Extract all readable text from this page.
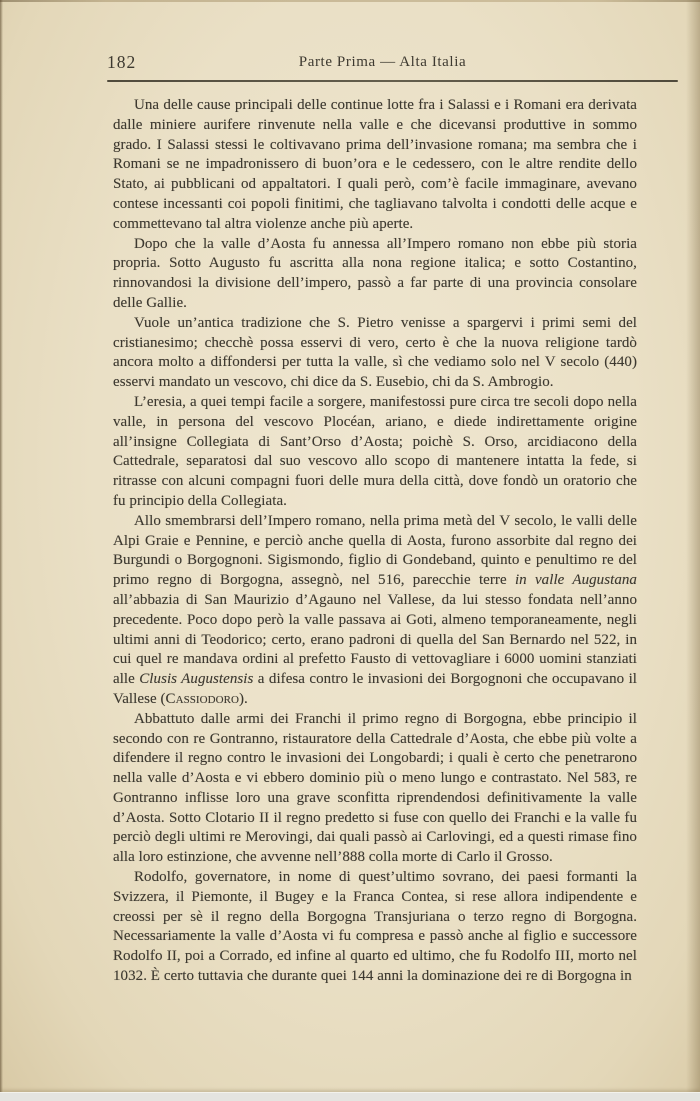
182	Parte Prima — Alta Italia

Una delle cause principali delle continue lotte fra i Salassi e i Romani era derivata dalle miniere aurifere rinvenute nella valle e che dicevansi produttive in sommo grado. I Salassi stessi le coltivavano prima dell’invasione romana; ma sembra che i Romani se ne impadronissero di buon’ora e le cedessero, con le altre rendite dello Stato, ai pubblicani od appaltatori. I quali però, com’è facile immaginare, avevano contese incessanti coi popoli finitimi, che tagliavano talvolta i condotti delle acque e commettevano tal altra violenze anche più aperte.

Dopo che la valle d’Aosta fu annessa all’Impero romano non ebbe più storia propria. Sotto Augusto fu ascritta alla nona regione italica; e sotto Costantino, rinnovandosi la divisione dell’impero, passò a far parte di una provincia consolare delle Gallie.

Vuole un’antica tradizione che S. Pietro venisse a spargervi i primi semi del cristianesimo; checchè possa esservi di vero, certo è che la nuova religione tardò ancora molto a diffondersi per tutta la valle, sì che vediamo solo nel V secolo (440) esservi mandato un vescovo, chi dice da S. Eusebio, chi da S. Ambrogio.

L’eresia, a quei tempi facile a sorgere, manifestossi pure circa tre secoli dopo nella valle, in persona del vescovo Plocéan, ariano, e diede indirettamente origine all’insigne Collegiata di Sant’Orso d’Aosta; poichè S. Orso, arcidiacono della Cattedrale, separatosi dal suo vescovo allo scopo di mantenere intatta la fede, si ritrasse con alcuni compagni fuori delle mura della città, dove fondò un oratorio che fu principio della Collegiata.

Allo smembrarsi dell’Impero romano, nella prima metà del V secolo, le valli delle Alpi Graie e Pennine, e perciò anche quella di Aosta, furono assorbite dal regno dei Burgundi o Borgognoni. Sigismondo, figlio di Gondeband, quinto e penultimo re del primo regno di Borgogna, assegnò, nel 516, parecchie terre in valle Augustana all’abbazia di San Maurizio d’Agauno nel Vallese, da lui stesso fondata nell’anno precedente. Poco dopo però la valle passava ai Goti, almeno temporaneamente, negli ultimi anni di Teodorico; certo, erano padroni di quella del San Bernardo nel 522, in cui quel re mandava ordini al prefetto Fausto di vettovagliare i 6000 uomini stanziati alle Clusis Augustensis a difesa contro le invasioni dei Borgognoni che occupavano il Vallese (Cassiodoro).

Abbattuto dalle armi dei Franchi il primo regno di Borgogna, ebbe principio il secondo con re Gontranno, ristauratore della Cattedrale d’Aosta, che ebbe più volte a difendere il regno contro le invasioni dei Longobardi; i quali è certo che penetrarono nella valle d’Aosta e vi ebbero dominio più o meno lungo e contrastato. Nel 583, re Gontranno inflisse loro una grave sconfitta riprendendosi definitivamente la valle d’Aosta. Sotto Clotario II il regno predetto si fuse con quello dei Franchi e la valle fu perciò degli ultimi re Merovingi, dai quali passò ai Carlovingi, ed a questi rimase fino alla loro estinzione, che avvenne nell’888 colla morte di Carlo il Grosso.

Rodolfo, governatore, in nome di quest’ultimo sovrano, dei paesi formanti la Svizzera, il Piemonte, il Bugey e la Franca Contea, si rese allora indipendente e creossi per sè il regno della Borgogna Transjuriana o terzo regno di Borgogna. Necessariamente la valle d’Aosta vi fu compresa e passò anche al figlio e successore Rodolfo II, poi a Corrado, ed infine al quarto ed ultimo, che fu Rodolfo III, morto nel 1032. È certo tuttavia che durante quei 144 anni la dominazione dei re di Borgogna in
